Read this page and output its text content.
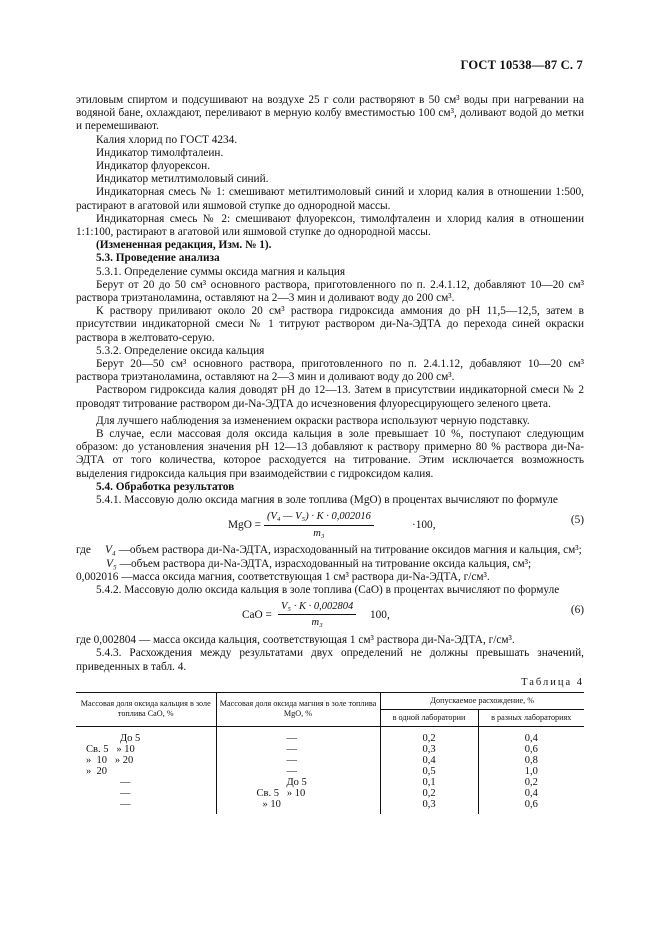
ГОСТ 10538—87 С. 7

этиловым спиртом и подсушивают на воздухе 25 г соли растворяют в 50 см³ воды при нагревании на водяной бане, охлаждают, переливают в мерную колбу вместимостью 100 см³, доливают водой до метки и перемешивают.

Калия хлорид по ГОСТ 4234.

Индикатор тимолфталеин.

Индикатор флуорексон.

Индикатор метилтимоловый синий.

Индикаторная смесь № 1: смешивают метилтимоловый синий и хлорид калия в отношении 1:500, растирают в агатовой или яшмовой ступке до однородной массы.

Индикаторная смесь № 2: смешивают флуорексон, тимолфталеин и хлорид калия в отношении 1:1:100, растирают в агатовой или яшмовой ступке до однородной массы.

(Измененная редакция, Изм. № 1).

5.3. Проведение анализа

5.3.1. Определение суммы оксида магния и кальция

Берут от 20 до 50 см³ основного раствора, приготовленного по п. 2.4.1.12, добавляют 10—20 см³ раствора триэтаноламина, оставляют на 2—3 мин и доливают воду до 200 см³.

К раствору приливают около 20 см³ раствора гидроксида аммония до pH 11,5—12,5, затем в присутствии индикаторной смеси № 1 титруют раствором ди-Na-ЭДТА до перехода синей окраски раствора в желтовато-серую.

5.3.2. Определение оксида кальция

Берут 20—50 см³ основного раствора, приготовленного по п. 2.4.1.12, добавляют 10—20 см³ раствора триэтаноламина, оставляют на 2—3 мин и доливают воду до 200 см³.

Раствором гидроксида калия доводят pH до 12—13. Затем в присутствии индикаторной смеси № 2 проводят титрование раствором ди-Na-ЭДТА до исчезновения флуоресцирующего зеленого цвета.

Для лучшего наблюдения за изменением окраски раствора используют черную подставку.

В случае, если массовая доля оксида кальция в золе превышает 10 %, поступают следующим образом: до установления значения pH 12—13 добавляют к раствору примерно 80 % раствора ди-Na-ЭДТА от того количества, которое расходуется на титрование. Этим исключается возможность выделения гидроксида кальция при взаимодействии с гидроксидом калия.

5.4. Обработка результатов

5.4.1. Массовую долю оксида магния в золе топлива (MgO) в процентах вычисляют по формуле

MgO =
(V₄ — V₅) · K · 0,002016
m₃
·100,	(5)

где V₄ —объем раствора ди-Na-ЭДТА, израсходованный на титрование оксидов магния и кальция, см³;

V₅ —объем раствора ди-Na-ЭДТА, израсходованный на титрование оксида кальция, см³;

0,002016 —масса оксида магния, соответствующая 1 см³ раствора ди-Na-ЭДТА, г/см³.

5.4.2. Массовую долю оксида кальция в золе топлива (CaO) в процентах вычисляют по формуле

CaO =
V₅ · K · 0,002804
m₃
100,	(6)

где 0,002804 — масса оксида кальция, соответствующая 1 см³ раствора ди-Na-ЭДТА, г/см³.

5.4.3. Расхождения между результатами двух определений не должны превышать значений, приведенных в табл. 4.

Таблица 4
Массовая доля оксида кальция в золе топлива CaO, %	Массовая доля оксида магния в золе топлива MgO, %	Допускаемое расхождение, %	
		в одной лаборатории	в разных лабораториях
До 5	—	0,2	0,4
Св. 5   » 10	—	0,3	0,6
»  10   » 20	—	0,4	0,8
»  20	—	0,5	1,0
—	До 5	0,1	0,2
—	Св. 5   » 10	0,2	0,4
—	» 10	0,3	0,6
